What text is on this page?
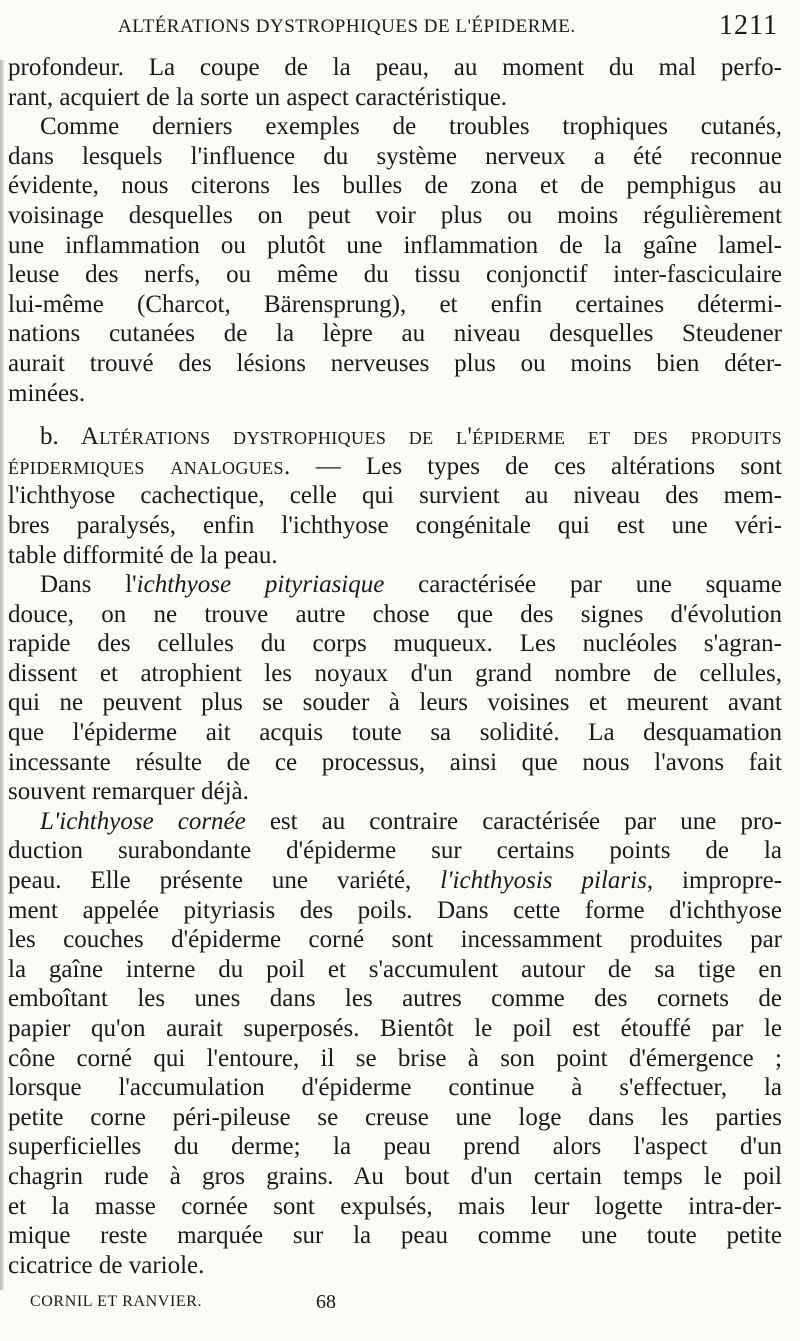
ALTÉRATIONS DYSTROPHIQUES DE L'ÉPIDERME.	1211
profondeur. La coupe de la peau, au moment du mal perfo-
rant, acquiert de la sorte un aspect caractéristique.
Comme derniers exemples de troubles trophiques cutanés,
dans lesquels l'influence du système nerveux a été reconnue
évidente, nous citerons les bulles de zona et de pemphigus au
voisinage desquelles on peut voir plus ou moins régulièrement
une inflammation ou plutôt une inflammation de la gaîne lamel-
leuse des nerfs, ou même du tissu conjonctif inter-fasciculaire
lui-même (Charcot, Bärensprung), et enfin certaines détermi-
nations cutanées de la lèpre au niveau desquelles Steudener
aurait trouvé des lésions nerveuses plus ou moins bien déter-
minées.
b. Altérations dystrophiques de l'épiderme et des produits
épidermiques analogues. — Les types de ces altérations sont
l'ichthyose cachectique, celle qui survient au niveau des mem-
bres paralysés, enfin l'ichthyose congénitale qui est une véri-
table difformité de la peau.
Dans l'ichthyose pityriasique caractérisée par une squame
douce, on ne trouve autre chose que des signes d'évolution
rapide des cellules du corps muqueux. Les nucléoles s'agran-
dissent et atrophient les noyaux d'un grand nombre de cellules,
qui ne peuvent plus se souder à leurs voisines et meurent avant
que l'épiderme ait acquis toute sa solidité. La desquamation
incessante résulte de ce processus, ainsi que nous l'avons fait
souvent remarquer déjà.
L'ichthyose cornée est au contraire caractérisée par une pro-
duction surabondante d'épiderme sur certains points de la
peau. Elle présente une variété, l'ichthyosis pilaris, impropre-
ment appelée pityriasis des poils. Dans cette forme d'ichthyose
les couches d'épiderme corné sont incessamment produites par
la gaîne interne du poil et s'accumulent autour de sa tige en
emboîtant les unes dans les autres comme des cornets de
papier qu'on aurait superposés. Bientôt le poil est étouffé par le
cône corné qui l'entoure, il se brise à son point d'émergence ;
lorsque l'accumulation d'épiderme continue à s'effectuer, la
petite corne péri-pileuse se creuse une loge dans les parties
superficielles du derme; la peau prend alors l'aspect d'un
chagrin rude à gros grains. Au bout d'un certain temps le poil
et la masse cornée sont expulsés, mais leur logette intra-der-
mique reste marquée sur la peau comme une toute petite
cicatrice de variole.
CORNIL ET RANVIER.	68
